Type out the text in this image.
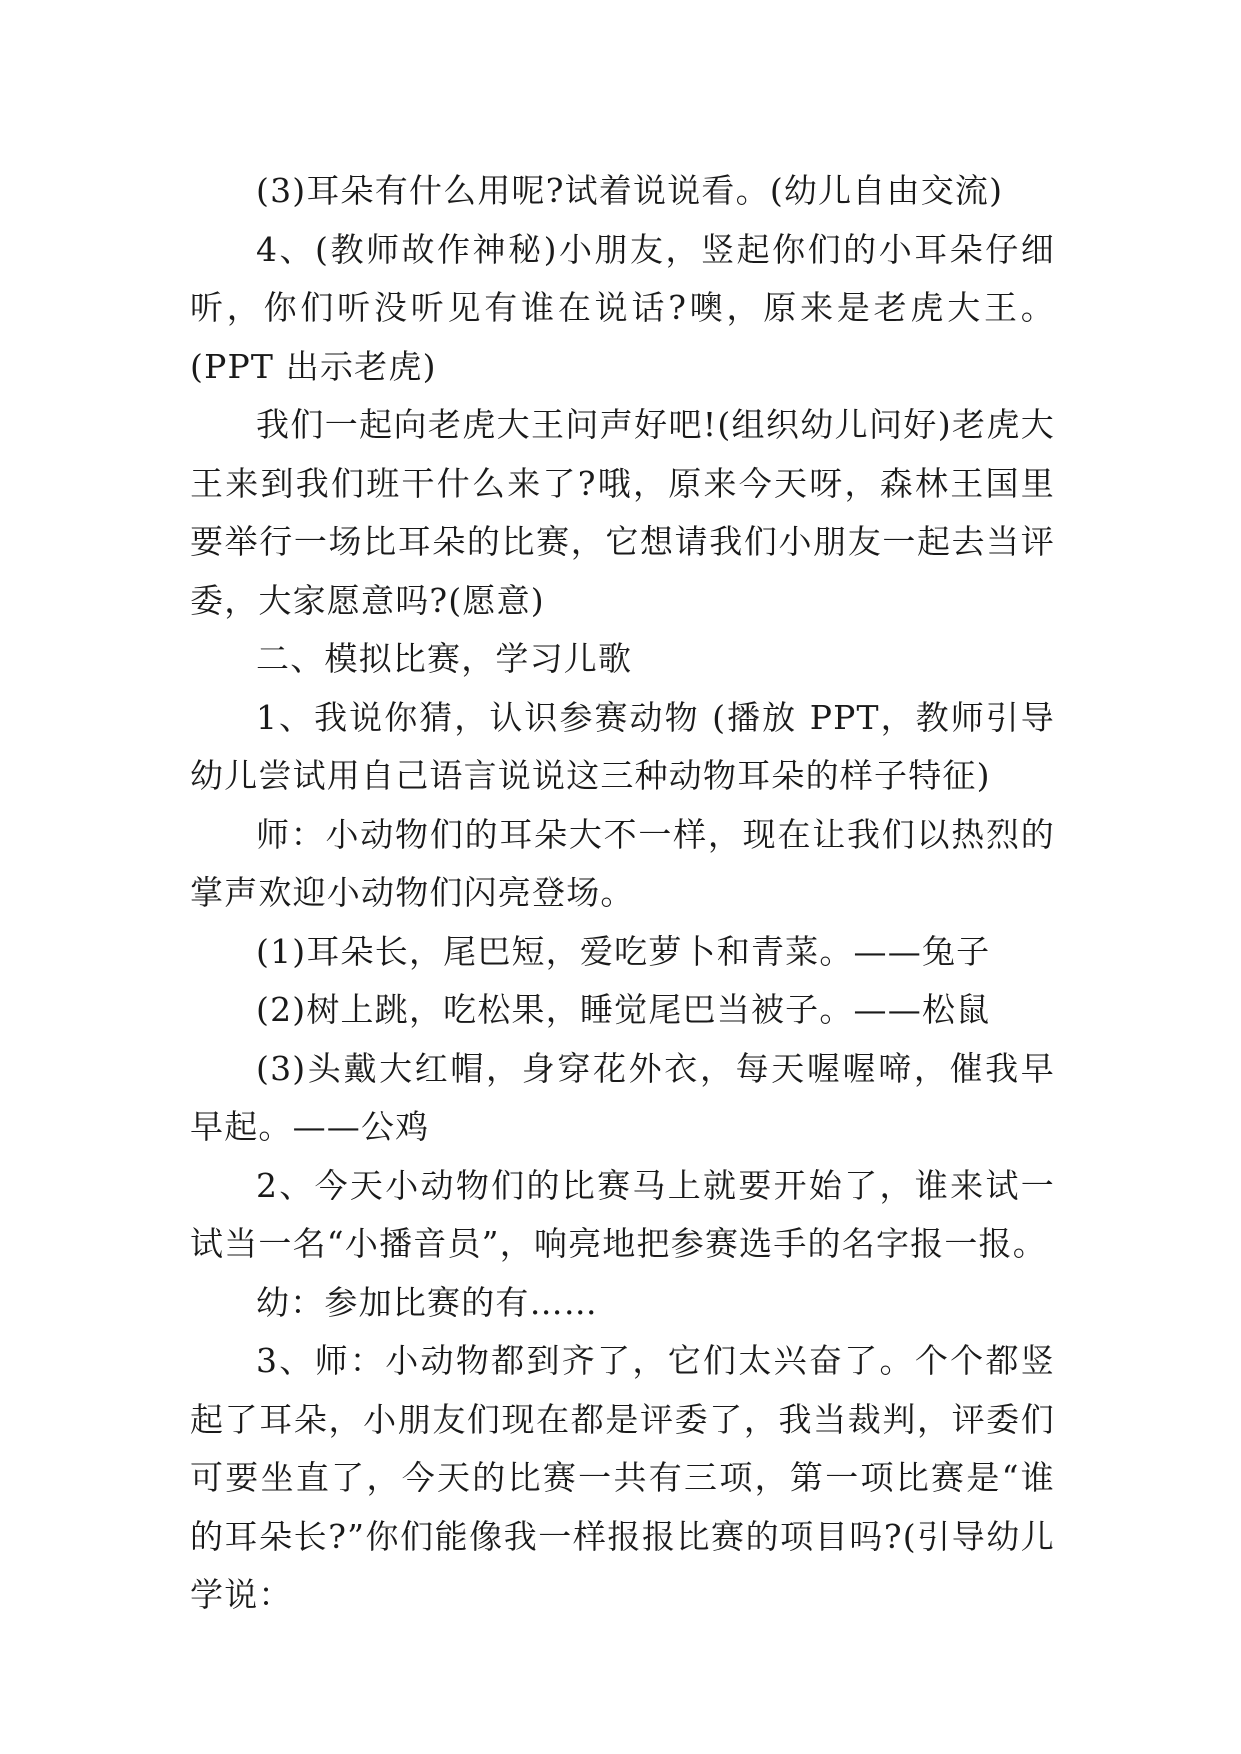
(3)耳朵有什么用呢?试着说说看。(幼儿自由交流)

4、(教师故作神秘)小朋友，竖起你们的小耳朵仔细听，你们听没听见有谁在说话?噢，原来是老虎大王。(PPT 出示老虎)

我们一起向老虎大王问声好吧!(组织幼儿问好)老虎大王来到我们班干什么来了?哦，原来今天呀，森林王国里要举行一场比耳朵的比赛，它想请我们小朋友一起去当评委，大家愿意吗?(愿意)

二、模拟比赛，学习儿歌

1、我说你猜，认识参赛动物 (播放 PPT，教师引导幼儿尝试用自己语言说说这三种动物耳朵的样子特征)

师：小动物们的耳朵大不一样，现在让我们以热烈的掌声欢迎小动物们闪亮登场。

(1)耳朵长，尾巴短，爱吃萝卜和青菜。——兔子

(2)树上跳，吃松果，睡觉尾巴当被子。——松鼠

(3)头戴大红帽，身穿花外衣，每天喔喔啼，催我早早起。——公鸡

2、今天小动物们的比赛马上就要开始了，谁来试一试当一名“小播音员”，响亮地把参赛选手的名字报一报。

幼：参加比赛的有……

3、师：小动物都到齐了，它们太兴奋了。个个都竖起了耳朵，小朋友们现在都是评委了，我当裁判，评委们可要坐直了，今天的比赛一共有三项，第一项比赛是“谁的耳朵长?”你们能像我一样报报比赛的项目吗?(引导幼儿学说：
